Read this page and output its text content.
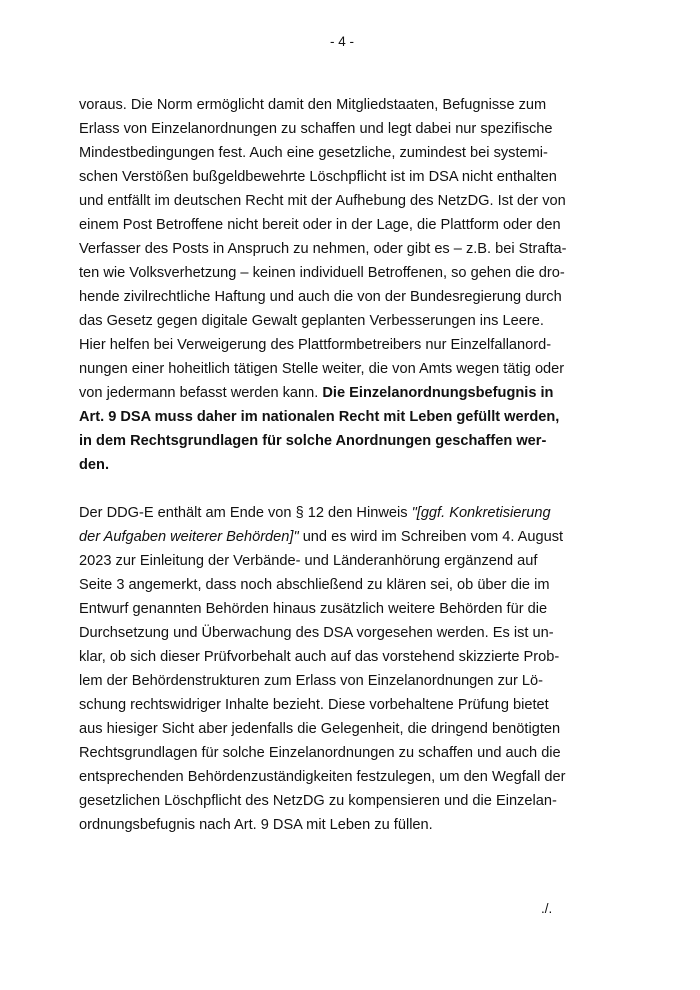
- 4 -

voraus. Die Norm ermöglicht damit den Mitgliedstaaten, Befugnisse zum
Erlass von Einzelanordnungen zu schaffen und legt dabei nur spezifische
Mindestbedingungen fest. Auch eine gesetzliche, zumindest bei systemi-
schen Verstößen bußgeldbewehrte Löschpflicht ist im DSA nicht enthalten
und entfällt im deutschen Recht mit der Aufhebung des NetzDG. Ist der von
einem Post Betroffene nicht bereit oder in der Lage, die Plattform oder den
Verfasser des Posts in Anspruch zu nehmen, oder gibt es – z.B. bei Strafta-
ten wie Volksverhetzung – keinen individuell Betroffenen, so gehen die dro-
hende zivilrechtliche Haftung und auch die von der Bundesregierung durch
das Gesetz gegen digitale Gewalt geplanten Verbesserungen ins Leere.
Hier helfen bei Verweigerung des Plattformbetreibers nur Einzelfallanord-
nungen einer hoheitlich tätigen Stelle weiter, die von Amts wegen tätig oder
von jedermann befasst werden kann. Die Einzelanordnungsbefugnis in
Art. 9 DSA muss daher im nationalen Recht mit Leben gefüllt werden,
in dem Rechtsgrundlagen für solche Anordnungen geschaffen wer-
den.

Der DDG-E enthält am Ende von § 12 den Hinweis "[ggf. Konkretisierung
der Aufgaben weiterer Behörden]" und es wird im Schreiben vom 4. August
2023 zur Einleitung der Verbände- und Länderanhörung ergänzend auf
Seite 3 angemerkt, dass noch abschließend zu klären sei, ob über die im
Entwurf genannten Behörden hinaus zusätzlich weitere Behörden für die
Durchsetzung und Überwachung des DSA vorgesehen werden. Es ist un-
klar, ob sich dieser Prüfvorbehalt auch auf das vorstehend skizzierte Prob-
lem der Behördenstrukturen zum Erlass von Einzelanordnungen zur Lö-
schung rechtswidriger Inhalte bezieht. Diese vorbehaltene Prüfung bietet
aus hiesiger Sicht aber jedenfalls die Gelegenheit, die dringend benötigten
Rechtsgrundlagen für solche Einzelanordnungen zu schaffen und auch die
entsprechenden Behördenzuständigkeiten festzulegen, um den Wegfall der
gesetzlichen Löschpflicht des NetzDG zu kompensieren und die Einzelan-
ordnungsbefugnis nach Art. 9 DSA mit Leben zu füllen.

./.
